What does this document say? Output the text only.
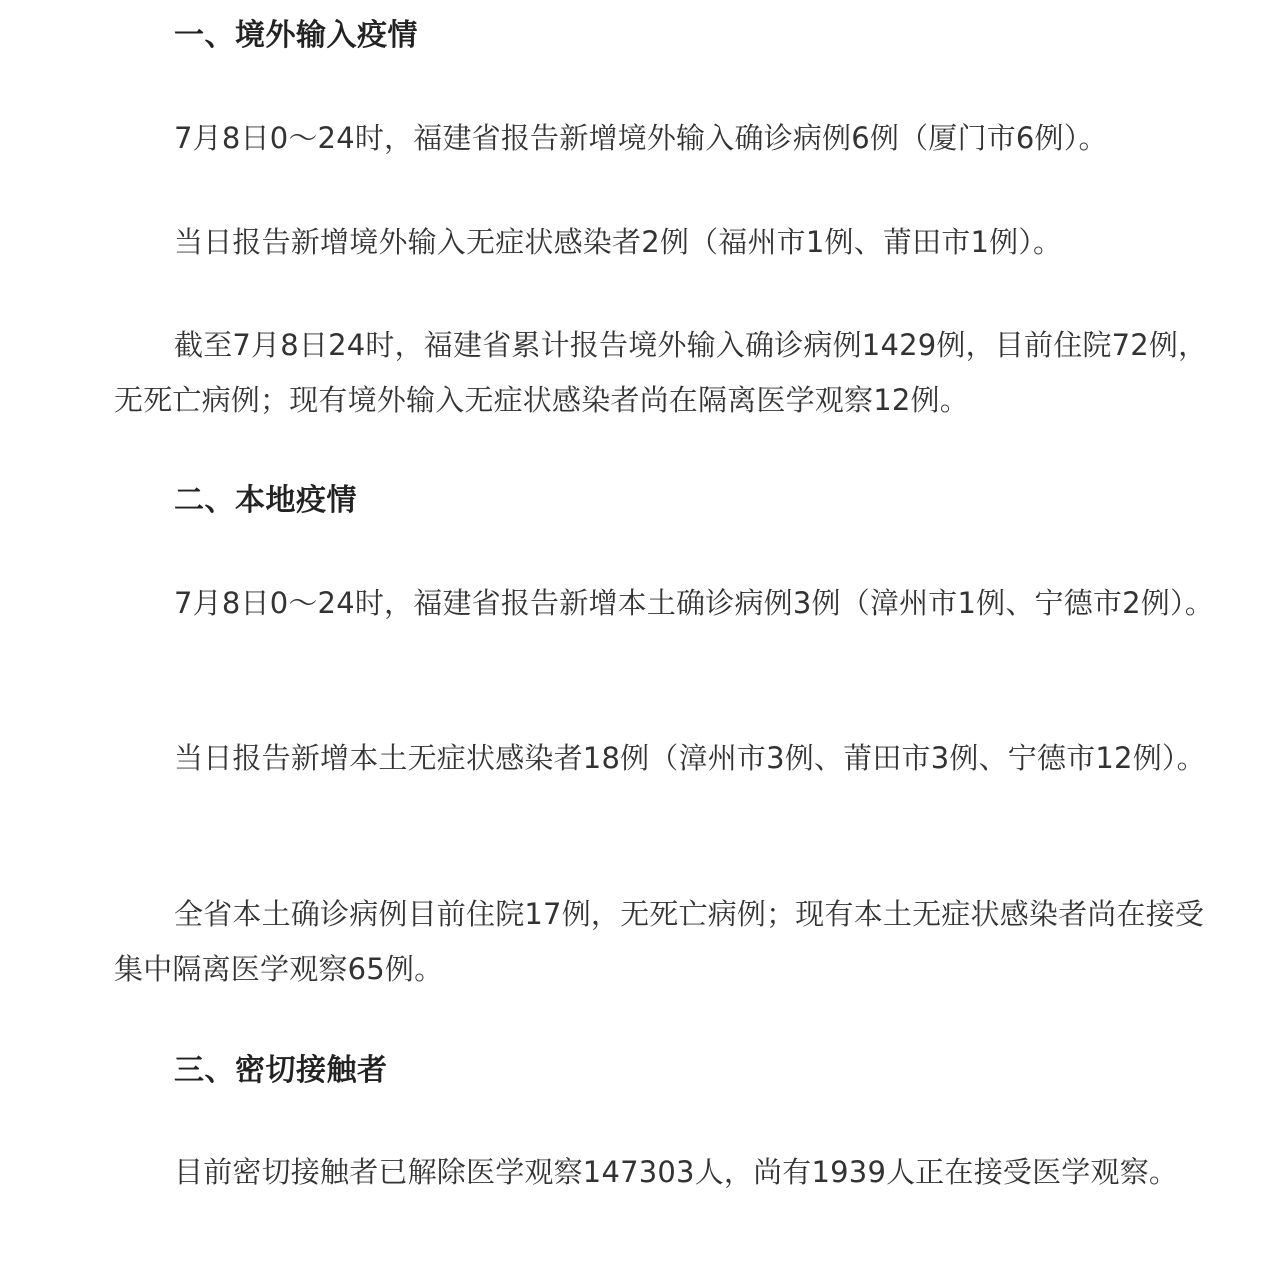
一、境外输入疫情

7月8日0～24时，福建省报告新增境外输入确诊病例6例（厦门市6例）。

当日报告新增境外输入无症状感染者2例（福州市1例、莆田市1例）。

截至7月8日24时，福建省累计报告境外输入确诊病例1429例，目前住院72例，无死亡病例；现有境外输入无症状感染者尚在隔离医学观察12例。

二、本地疫情

7月8日0～24时，福建省报告新增本土确诊病例3例（漳州市1例、宁德市2例）。

当日报告新增本土无症状感染者18例（漳州市3例、莆田市3例、宁德市12例）。

全省本土确诊病例目前住院17例，无死亡病例；现有本土无症状感染者尚在接受集中隔离医学观察65例。

三、密切接触者

目前密切接触者已解除医学观察147303人，尚有1939人正在接受医学观察。
